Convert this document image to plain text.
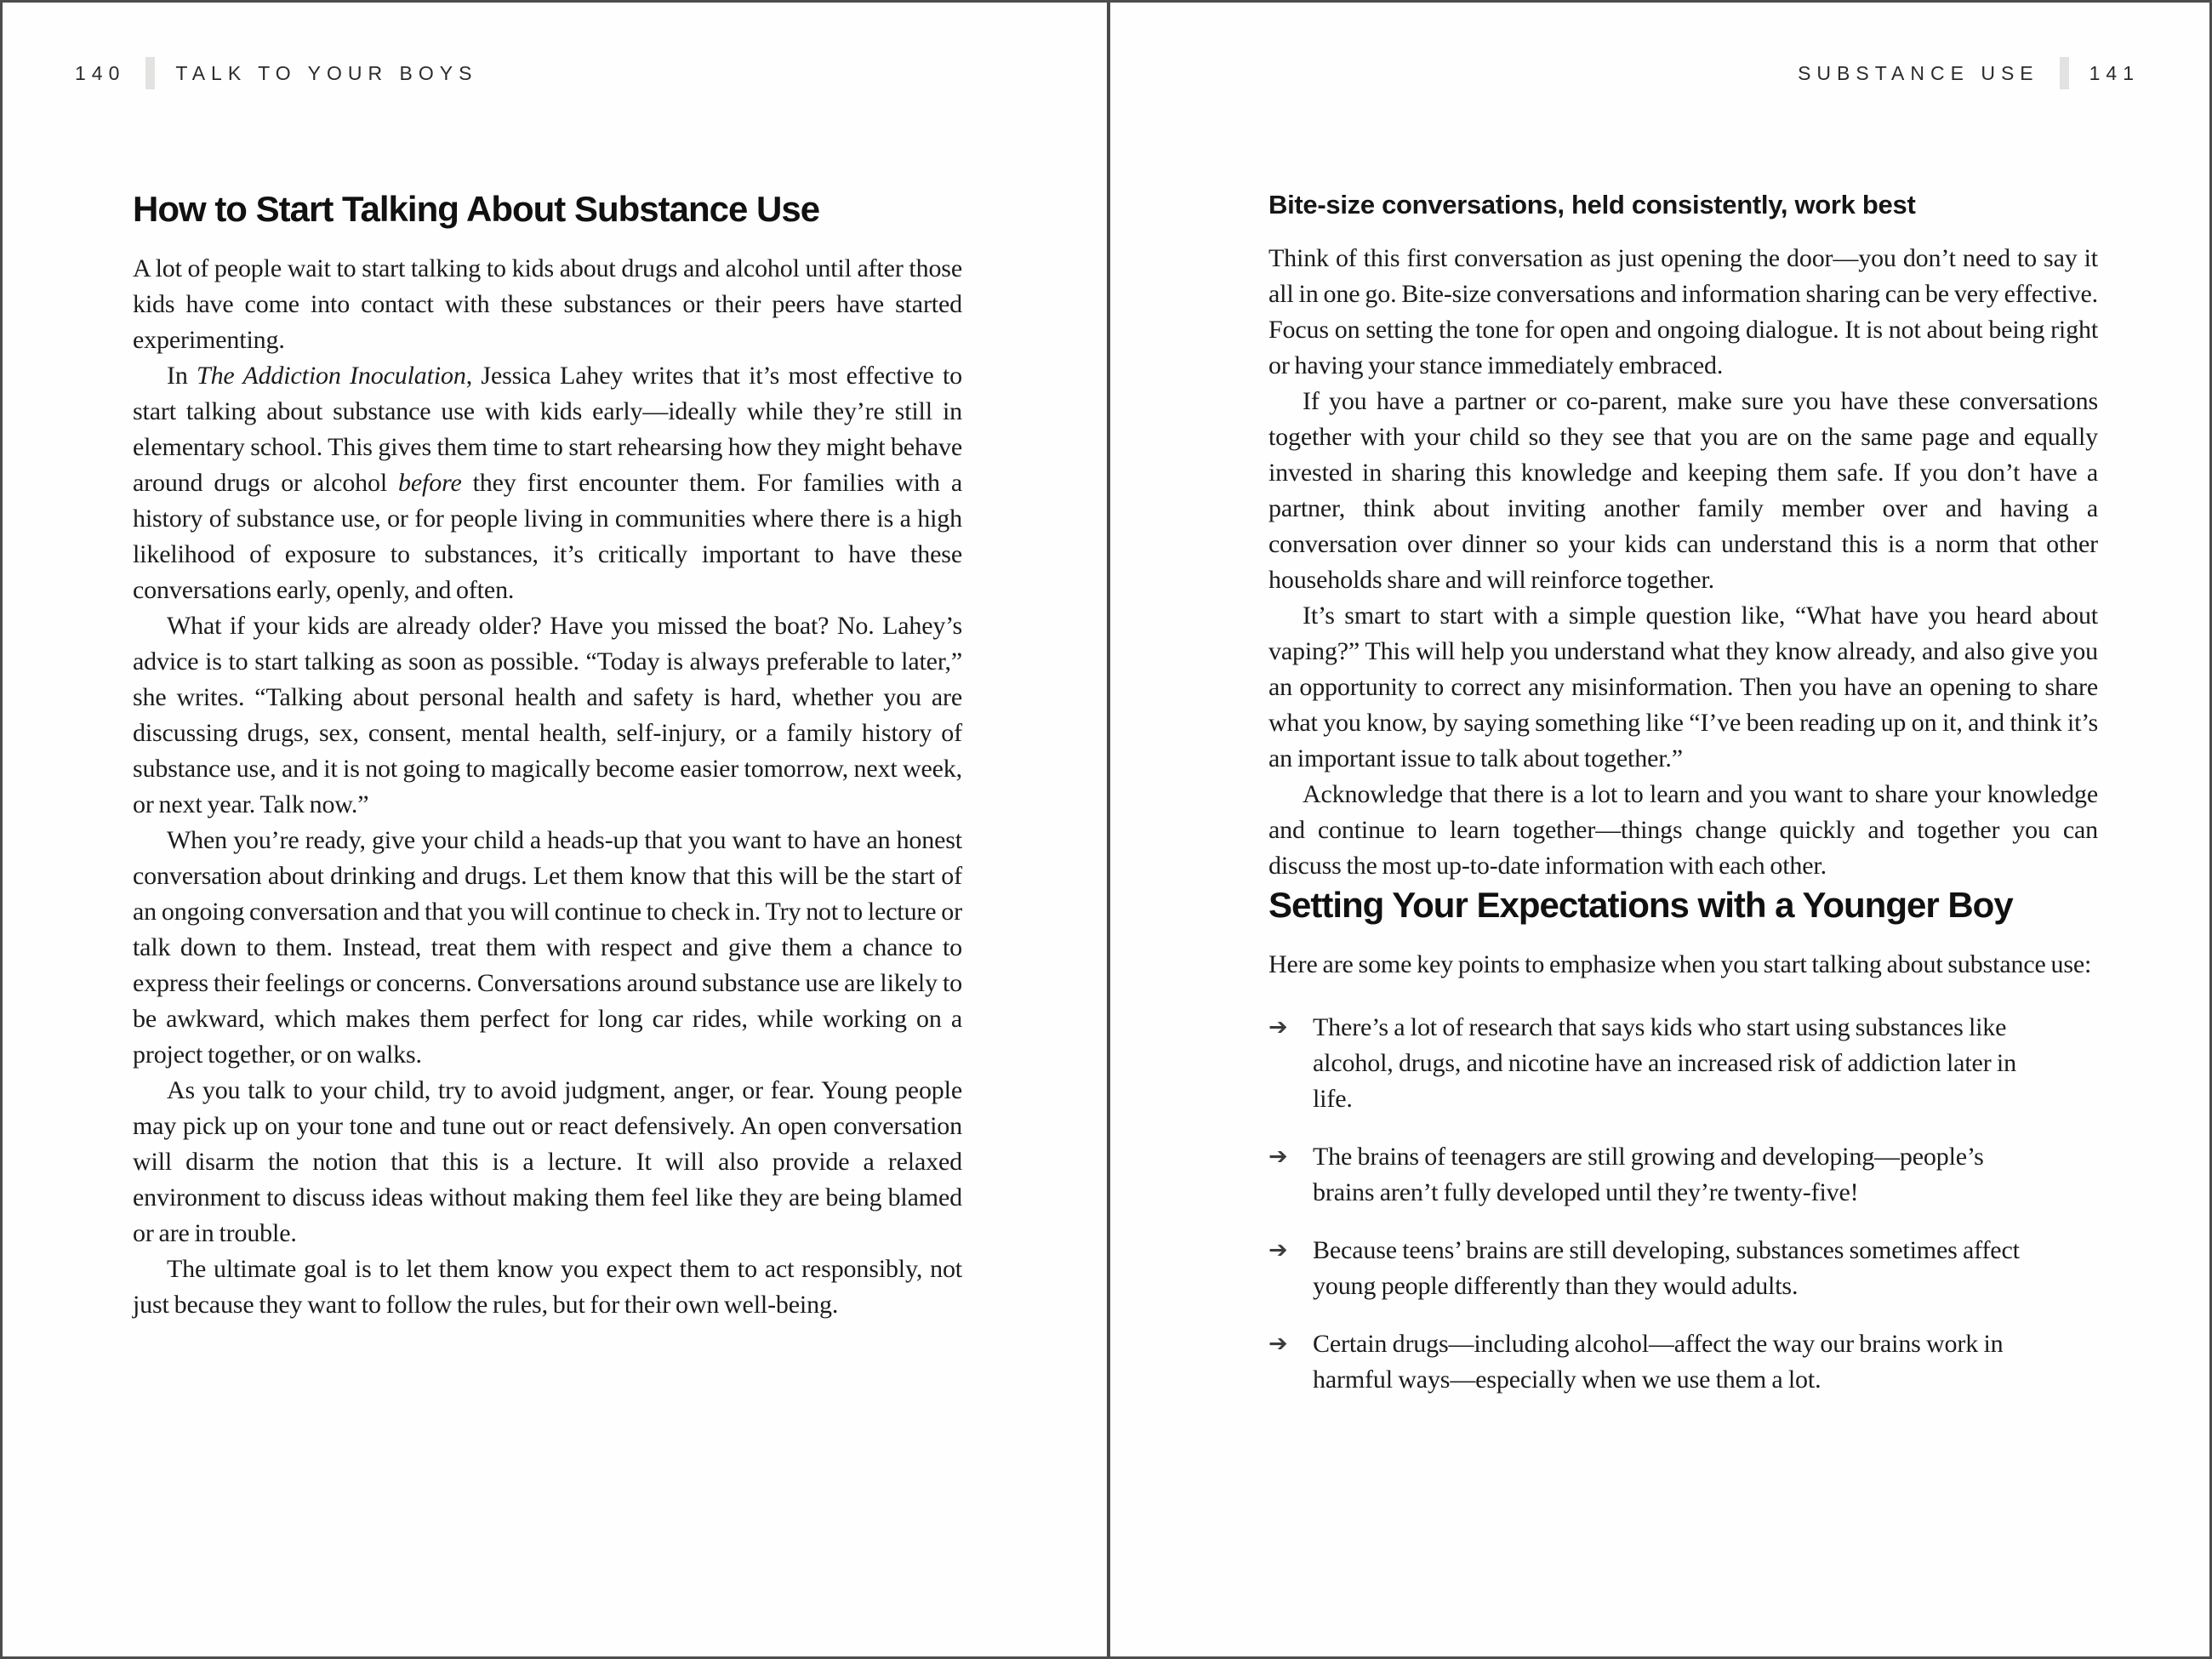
140	TALK TO YOUR BOYS
How to Start Talking About Substance Use

A lot of people wait to start talking to kids about drugs and alcohol until after those kids have come into contact with these substances or their peers have started experimenting.

In The Addiction Inoculation, Jessica Lahey writes that it’s most effective to start talking about substance use with kids early—ideally while they’re still in elementary school. This gives them time to start rehearsing how they might behave around drugs or alcohol before they first encounter them. For families with a history of substance use, or for people living in communities where there is a high likelihood of exposure to substances, it’s critically important to have these conversations early, openly, and often.

What if your kids are already older? Have you missed the boat? No. Lahey’s advice is to start talking as soon as possible. “Today is always preferable to later,” she writes. “Talking about personal health and safety is hard, whether you are discussing drugs, sex, consent, mental health, self-injury, or a family history of substance use, and it is not going to magically become easier tomorrow, next week, or next year. Talk now.”

When you’re ready, give your child a heads-up that you want to have an honest conversation about drinking and drugs. Let them know that this will be the start of an ongoing conversation and that you will continue to check in. Try not to lecture or talk down to them. Instead, treat them with respect and give them a chance to express their feelings or concerns. Conversations around substance use are likely to be awkward, which makes them perfect for long car rides, while working on a project together, or on walks.

As you talk to your child, try to avoid judgment, anger, or fear. Young people may pick up on your tone and tune out or react defensively. An open conversation will disarm the notion that this is a lecture. It will also provide a relaxed environment to discuss ideas without making them feel like they are being blamed or are in trouble.

The ultimate goal is to let them know you expect them to act responsibly, not just because they want to follow the rules, but for their own well-being.

SUBSTANCE USE	141
Bite-size conversations, held consistently, work best

Think of this first conversation as just opening the door—you don’t need to say it all in one go. Bite-size conversations and information sharing can be very effective. Focus on setting the tone for open and ongoing dialogue. It is not about being right or having your stance immediately embraced.

If you have a partner or co-parent, make sure you have these conversations together with your child so they see that you are on the same page and equally invested in sharing this knowledge and keeping them safe. If you don’t have a partner, think about inviting another family member over and having a conversation over dinner so your kids can understand this is a norm that other households share and will reinforce together.

It’s smart to start with a simple question like, “What have you heard about vaping?” This will help you understand what they know already, and also give you an opportunity to correct any misinformation. Then you have an opening to share what you know, by saying something like “I’ve been reading up on it, and think it’s an important issue to talk about together.”

Acknowledge that there is a lot to learn and you want to share your knowledge and continue to learn together—things change quickly and together you can discuss the most up-to-date information with each other.

Setting Your Expectations with a Younger Boy

Here are some key points to emphasize when you start talking about substance use:

➔ There’s a lot of research that says kids who start using substances like alcohol, drugs, and nicotine have an increased risk of addiction later in life.
➔ The brains of teenagers are still growing and developing—people’s brains aren’t fully developed until they’re twenty-five!
➔ Because teens’ brains are still developing, substances sometimes affect young people differently than they would adults.
➔ Certain drugs—including alcohol—affect the way our brains work in harmful ways—especially when we use them a lot.
